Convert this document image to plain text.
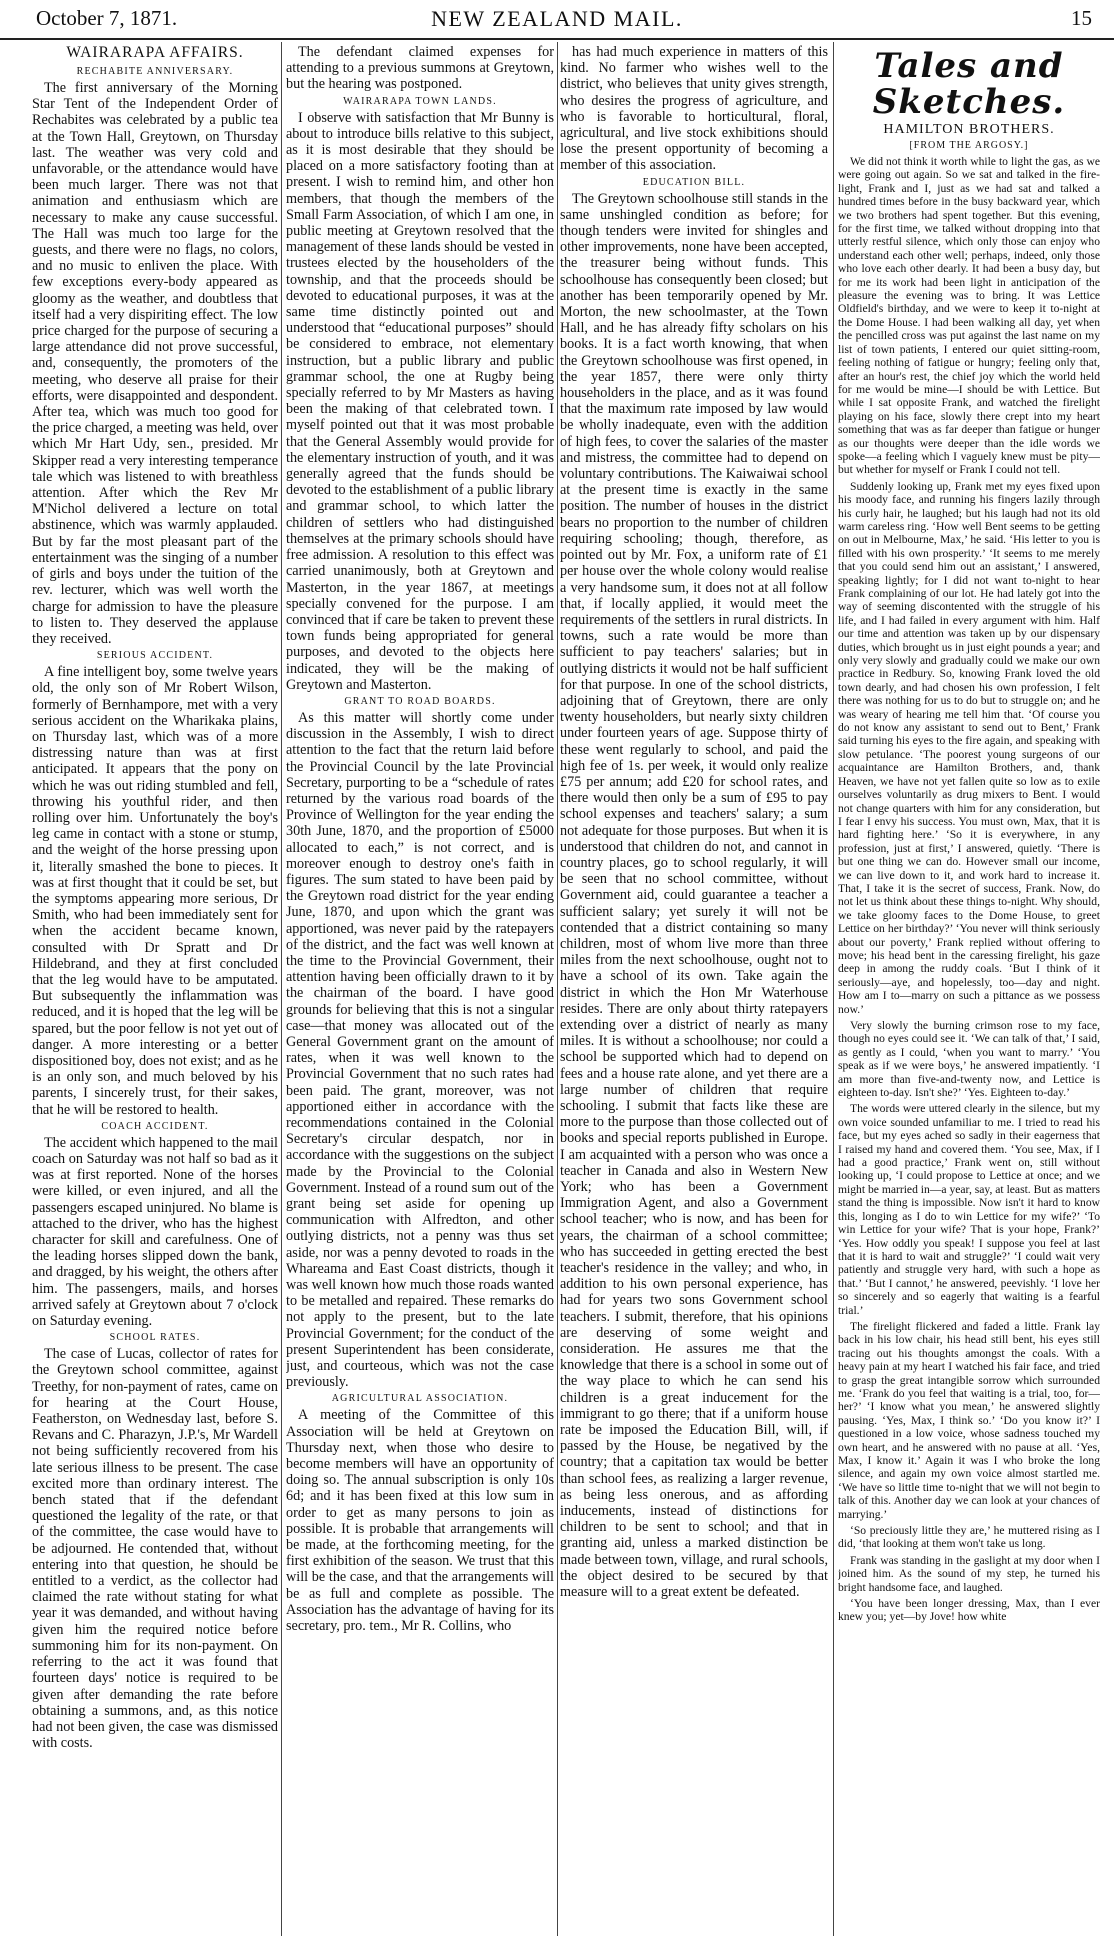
October 7, 1871.	NEW ZEALAND MAIL.	15
WAIRARAPA AFFAIRS.
RECHABITE ANNIVERSARY.

The first anniversary of the Morning Star Tent of the Independent Order of Rechabites was celebrated by a public tea at the Town Hall, Greytown, on Thursday last. The weather was very cold and unfavorable, or the attendance would have been much larger. There was not that animation and enthusiasm which are necessary to make any cause successful. The Hall was much too large for the guests, and there were no flags, no colors, and no music to enliven the place. With few exceptions every-body appeared as gloomy as the weather, and doubtless that itself had a very dispiriting effect. The low price charged for the purpose of securing a large attendance did not prove successful, and, consequently, the promoters of the meeting, who deserve all praise for their efforts, were disappointed and despondent. After tea, which was much too good for the price charged, a meeting was held, over which Mr Hart Udy, sen., presided. Mr Skipper read a very interesting temperance tale which was listened to with breathless attention. After which the Rev Mr M'Nichol delivered a lecture on total abstinence, which was warmly applauded. But by far the most pleasant part of the entertainment was the singing of a number of girls and boys under the tuition of the rev. lecturer, which was well worth the charge for admission to have the pleasure to listen to. They deserved the applause they received.

SERIOUS ACCIDENT.

A fine intelligent boy, some twelve years old, the only son of Mr Robert Wilson, formerly of Bernhampore, met with a very serious accident on the Wharikaka plains, on Thursday last, which was of a more distressing nature than was at first anticipated. It appears that the pony on which he was out riding stumbled and fell, throwing his youthful rider, and then rolling over him. Unfortunately the boy's leg came in contact with a stone or stump, and the weight of the horse pressing upon it, literally smashed the bone to pieces. It was at first thought that it could be set, but the symptoms appearing more serious, Dr Smith, who had been immediately sent for when the accident became known, consulted with Dr Spratt and Dr Hildebrand, and they at first concluded that the leg would have to be amputated. But subsequently the inflammation was reduced, and it is hoped that the leg will be spared, but the poor fellow is not yet out of danger. A more interesting or a better dispositioned boy, does not exist; and as he is an only son, and much beloved by his parents, I sincerely trust, for their sakes, that he will be restored to health.

COACH ACCIDENT.

The accident which happened to the mail coach on Saturday was not half so bad as it was at first reported. None of the horses were killed, or even injured, and all the passengers escaped uninjured. No blame is attached to the driver, who has the highest character for skill and carefulness. One of the leading horses slipped down the bank, and dragged, by his weight, the others after him. The passengers, mails, and horses arrived safely at Greytown about 7 o'clock on Saturday evening.

SCHOOL RATES.

The case of Lucas, collector of rates for the Greytown school committee, against Treethy, for non-payment of rates, came on for hearing at the Court House, Featherston, on Wednesday last, before S. Revans and C. Pharazyn, J.P.'s, Mr Wardell not being sufficiently recovered from his late serious illness to be present. The case excited more than ordinary interest. The bench stated that if the defendant questioned the legality of the rate, or that of the committee, the case would have to be adjourned. He contended that, without entering into that question, he should be entitled to a verdict, as the collector had claimed the rate without stating for what year it was demanded, and without having given him the required notice before summoning him for its non-payment. On referring to the act it was found that fourteen days' notice is required to be given after demanding the rate before obtaining a summons, and, as this notice had not been given, the case was dismissed with costs.

The defendant claimed expenses for attending to a previous summons at Greytown, but the hearing was postponed.

WAIRARAPA TOWN LANDS.

I observe with satisfaction that Mr Bunny is about to introduce bills relative to this subject, as it is most desirable that they should be placed on a more satisfactory footing than at present. I wish to remind him, and other hon members, that though the members of the Small Farm Association, of which I am one, in public meeting at Greytown resolved that the management of these lands should be vested in trustees elected by the householders of the township, and that the proceeds should be devoted to educational purposes, it was at the same time distinctly pointed out and understood that “educational purposes” should be considered to embrace, not elementary instruction, but a public library and public grammar school, the one at Rugby being specially referred to by Mr Masters as having been the making of that celebrated town. I myself pointed out that it was most probable that the General Assembly would provide for the elementary instruction of youth, and it was generally agreed that the funds should be devoted to the establishment of a public library and grammar school, to which latter the children of settlers who had distinguished themselves at the primary schools should have free admission. A resolution to this effect was carried unanimously, both at Greytown and Masterton, in the year 1867, at meetings specially convened for the purpose. I am convinced that if care be taken to prevent these town funds being appropriated for general purposes, and devoted to the objects here indicated, they will be the making of Greytown and Masterton.

GRANT TO ROAD BOARDS.

As this matter will shortly come under discussion in the Assembly, I wish to direct attention to the fact that the return laid before the Provincial Council by the late Provincial Secretary, purporting to be a “schedule of rates returned by the various road boards of the Province of Wellington for the year ending the 30th June, 1870, and the proportion of £5000 allocated to each,” is not correct, and is moreover enough to destroy one's faith in figures. The sum stated to have been paid by the Greytown road district for the year ending June, 1870, and upon which the grant was apportioned, was never paid by the ratepayers of the district, and the fact was well known at the time to the Provincial Government, their attention having been officially drawn to it by the chairman of the board. I have good grounds for believing that this is not a singular case—that money was allocated out of the General Government grant on the amount of rates, when it was well known to the Provincial Government that no such rates had been paid. The grant, moreover, was not apportioned either in accordance with the recommendations contained in the Colonial Secretary's circular despatch, nor in accordance with the suggestions on the subject made by the Provincial to the Colonial Government. Instead of a round sum out of the grant being set aside for opening up communication with Alfredton, and other outlying districts, not a penny was thus set aside, nor was a penny devoted to roads in the Whareama and East Coast districts, though it was well known how much those roads wanted to be metalled and repaired. These remarks do not apply to the present, but to the late Provincial Government; for the conduct of the present Superintendent has been considerate, just, and courteous, which was not the case previously.

AGRICULTURAL ASSOCIATION.

A meeting of the Committee of this Association will be held at Greytown on Thursday next, when those who desire to become members will have an opportunity of doing so. The annual subscription is only 10s 6d; and it has been fixed at this low sum in order to get as many persons to join as possible. It is probable that arrangements will be made, at the forthcoming meeting, for the first exhibition of the season. We trust that this will be the case, and that the arrangements will be as full and complete as possible. The Association has the advantage of having for its secretary, pro. tem., Mr R. Collins, who

has had much experience in matters of this kind. No farmer who wishes well to the district, who believes that unity gives strength, who desires the progress of agriculture, and who is favorable to horticultural, floral, agricultural, and live stock exhibitions should lose the present opportunity of becoming a member of this association.

EDUCATION BILL.

The Greytown schoolhouse still stands in the same unshingled condition as before; for though tenders were invited for shingles and other improvements, none have been accepted, the treasurer being without funds. This schoolhouse has consequently been closed; but another has been temporarily opened by Mr. Morton, the new schoolmaster, at the Town Hall, and he has already fifty scholars on his books. It is a fact worth knowing, that when the Greytown schoolhouse was first opened, in the year 1857, there were only thirty householders in the place, and as it was found that the maximum rate imposed by law would be wholly inadequate, even with the addition of high fees, to cover the salaries of the master and mistress, the committee had to depend on voluntary contributions. The Kaiwaiwai school at the present time is exactly in the same position. The number of houses in the district bears no proportion to the number of children requiring schooling; though, therefore, as pointed out by Mr. Fox, a uniform rate of £1 per house over the whole colony would realise a very handsome sum, it does not at all follow that, if locally applied, it would meet the requirements of the settlers in rural districts. In towns, such a rate would be more than sufficient to pay teachers' salaries; but in outlying districts it would not be half sufficient for that purpose. In one of the school districts, adjoining that of Greytown, there are only twenty householders, but nearly sixty children under fourteen years of age. Suppose thirty of these went regularly to school, and paid the high fee of 1s. per week, it would only realize £75 per annum; add £20 for school rates, and there would then only be a sum of £95 to pay school expenses and teachers' salary; a sum not adequate for those purposes. But when it is understood that children do not, and cannot in country places, go to school regularly, it will be seen that no school committee, without Government aid, could guarantee a teacher a sufficient salary; yet surely it will not be contended that a district containing so many children, most of whom live more than three miles from the next schoolhouse, ought not to have a school of its own. Take again the district in which the Hon Mr Waterhouse resides. There are only about thirty ratepayers extending over a district of nearly as many miles. It is without a schoolhouse; nor could a school be supported which had to depend on fees and a house rate alone, and yet there are a large number of children that require schooling. I submit that facts like these are more to the purpose than those collected out of books and special reports published in Europe. I am acquainted with a person who was once a teacher in Canada and also in Western New York; who has been a Government Immigration Agent, and also a Government school teacher; who is now, and has been for years, the chairman of a school committee; who has succeeded in getting erected the best teacher's residence in the valley; and who, in addition to his own personal experience, has had for years two sons Government school teachers. I submit, therefore, that his opinions are deserving of some weight and consideration. He assures me that the knowledge that there is a school in some out of the way place to which he can send his children is a great inducement for the immigrant to go there; that if a uniform house rate be imposed the Education Bill, will, if passed by the House, be negatived by the country; that a capitation tax would be better than school fees, as realizing a larger revenue, as being less onerous, and as affording inducements, instead of distinctions for children to be sent to school; and that in granting aid, unless a marked distinction be made between town, village, and rural schools, the object desired to be secured by that measure will to a great extent be defeated.

Tales and Sketches.
HAMILTON BROTHERS.
[FROM THE ARGOSY.]

We did not think it worth while to light the gas, as we were going out again. So we sat and talked in the fire-light, Frank and I, just as we had sat and talked a hundred times before in the busy backward year, which we two brothers had spent together. But this evening, for the first time, we talked without dropping into that utterly restful silence, which only those can enjoy who understand each other well; perhaps, indeed, only those who love each other dearly. It had been a busy day, but for me its work had been light in anticipation of the pleasure the evening was to bring. It was Lettice Oldfield's birthday, and we were to keep it to-night at the Dome House. I had been walking all day, yet when the pencilled cross was put against the last name on my list of town patients, I entered our quiet sitting-room, feeling nothing of fatigue or hungry; feeling only that, after an hour's rest, the chief joy which the world held for me would be mine—I should be with Lettice. But while I sat opposite Frank, and watched the firelight playing on his face, slowly there crept into my heart something that was as far deeper than fatigue or hunger as our thoughts were deeper than the idle words we spoke—a feeling which I vaguely knew must be pity—but whether for myself or Frank I could not tell.

Suddenly looking up, Frank met my eyes fixed upon his moody face, and running his fingers lazily through his curly hair, he laughed; but his laugh had not its old warm careless ring. ‘How well Bent seems to be getting on out in Melbourne, Max,’ he said. ‘His letter to you is filled with his own prosperity.’ ‘It seems to me merely that you could send him out an assistant,’ I answered, speaking lightly; for I did not want to-night to hear Frank complaining of our lot. He had lately got into the way of seeming discontented with the struggle of his life, and I had failed in every argument with him. Half our time and attention was taken up by our dispensary duties, which brought us in just eight pounds a year; and only very slowly and gradually could we make our own practice in Redbury. So, knowing Frank loved the old town dearly, and had chosen his own profession, I felt there was nothing for us to do but to struggle on; and he was weary of hearing me tell him that. ‘Of course you do not know any assistant to send out to Bent,’ Frank said turning his eyes to the fire again, and speaking with slow petulance. ‘The poorest young surgeons of our acquaintance are Hamilton Brothers, and, thank Heaven, we have not yet fallen quite so low as to exile ourselves voluntarily as drug mixers to Bent. I would not change quarters with him for any consideration, but I fear I envy his success. You must own, Max, that it is hard fighting here.’ ‘So it is everywhere, in any profession, just at first,’ I answered, quietly. ‘There is but one thing we can do. However small our income, we can live down to it, and work hard to increase it. That, I take it is the secret of success, Frank. Now, do not let us think about these things to-night. Why should, we take gloomy faces to the Dome House, to greet Lettice on her birthday?’ ‘You never will think seriously about our poverty,’ Frank replied without offering to move; his head bent in the caressing firelight, his gaze deep in among the ruddy coals. ‘But I think of it seriously—aye, and hopelessly, too—day and night. How am I to—marry on such a pittance as we possess now.’

Very slowly the burning crimson rose to my face, though no eyes could see it. ‘We can talk of that,’ I said, as gently as I could, ‘when you want to marry.’ ‘You speak as if we were boys,’ he answered impatiently. ‘I am more than five-and-twenty now, and Lettice is eighteen to-day. Isn't she?’ ‘Yes. Eighteen to-day.’

The words were uttered clearly in the silence, but my own voice sounded unfamiliar to me. I tried to read his face, but my eyes ached so sadly in their eagerness that I raised my hand and covered them. ‘You see, Max, if I had a good practice,’ Frank went on, still without looking up, ‘I could propose to Lettice at once; and we might be married in—a year, say, at least. But as matters stand the thing is impossible. Now isn't it hard to know this, longing as I do to win Lettice for my wife?’ ‘To win Lettice for your wife? That is your hope, Frank?’ ‘Yes. How oddly you speak! I suppose you feel at last that it is hard to wait and struggle?’ ‘I could wait very patiently and struggle very hard, with such a hope as that.’ ‘But I cannot,’ he answered, peevishly. ‘I love her so sincerely and so eagerly that waiting is a fearful trial.’

The firelight flickered and faded a little. Frank lay back in his low chair, his head still bent, his eyes still tracing out his thoughts amongst the coals. With a heavy pain at my heart I watched his fair face, and tried to grasp the great intangible sorrow which surrounded me. ‘Frank do you feel that waiting is a trial, too, for—her?’ ‘I know what you mean,’ he answered slightly pausing. ‘Yes, Max, I think so.’ ‘Do you know it?’ I questioned in a low voice, whose sadness touched my own heart, and he answered with no pause at all. ‘Yes, Max, I know it.’ Again it was I who broke the long silence, and again my own voice almost startled me. ‘We have so little time to-night that we will not begin to talk of this. Another day we can look at your chances of marrying.’

‘So preciously little they are,’ he muttered rising as I did, ‘that looking at them won't take us long.

Frank was standing in the gaslight at my door when I joined him. As the sound of my step, he turned his bright handsome face, and laughed.

‘You have been longer dressing, Max, than I ever knew you; yet—by Jove! how white
